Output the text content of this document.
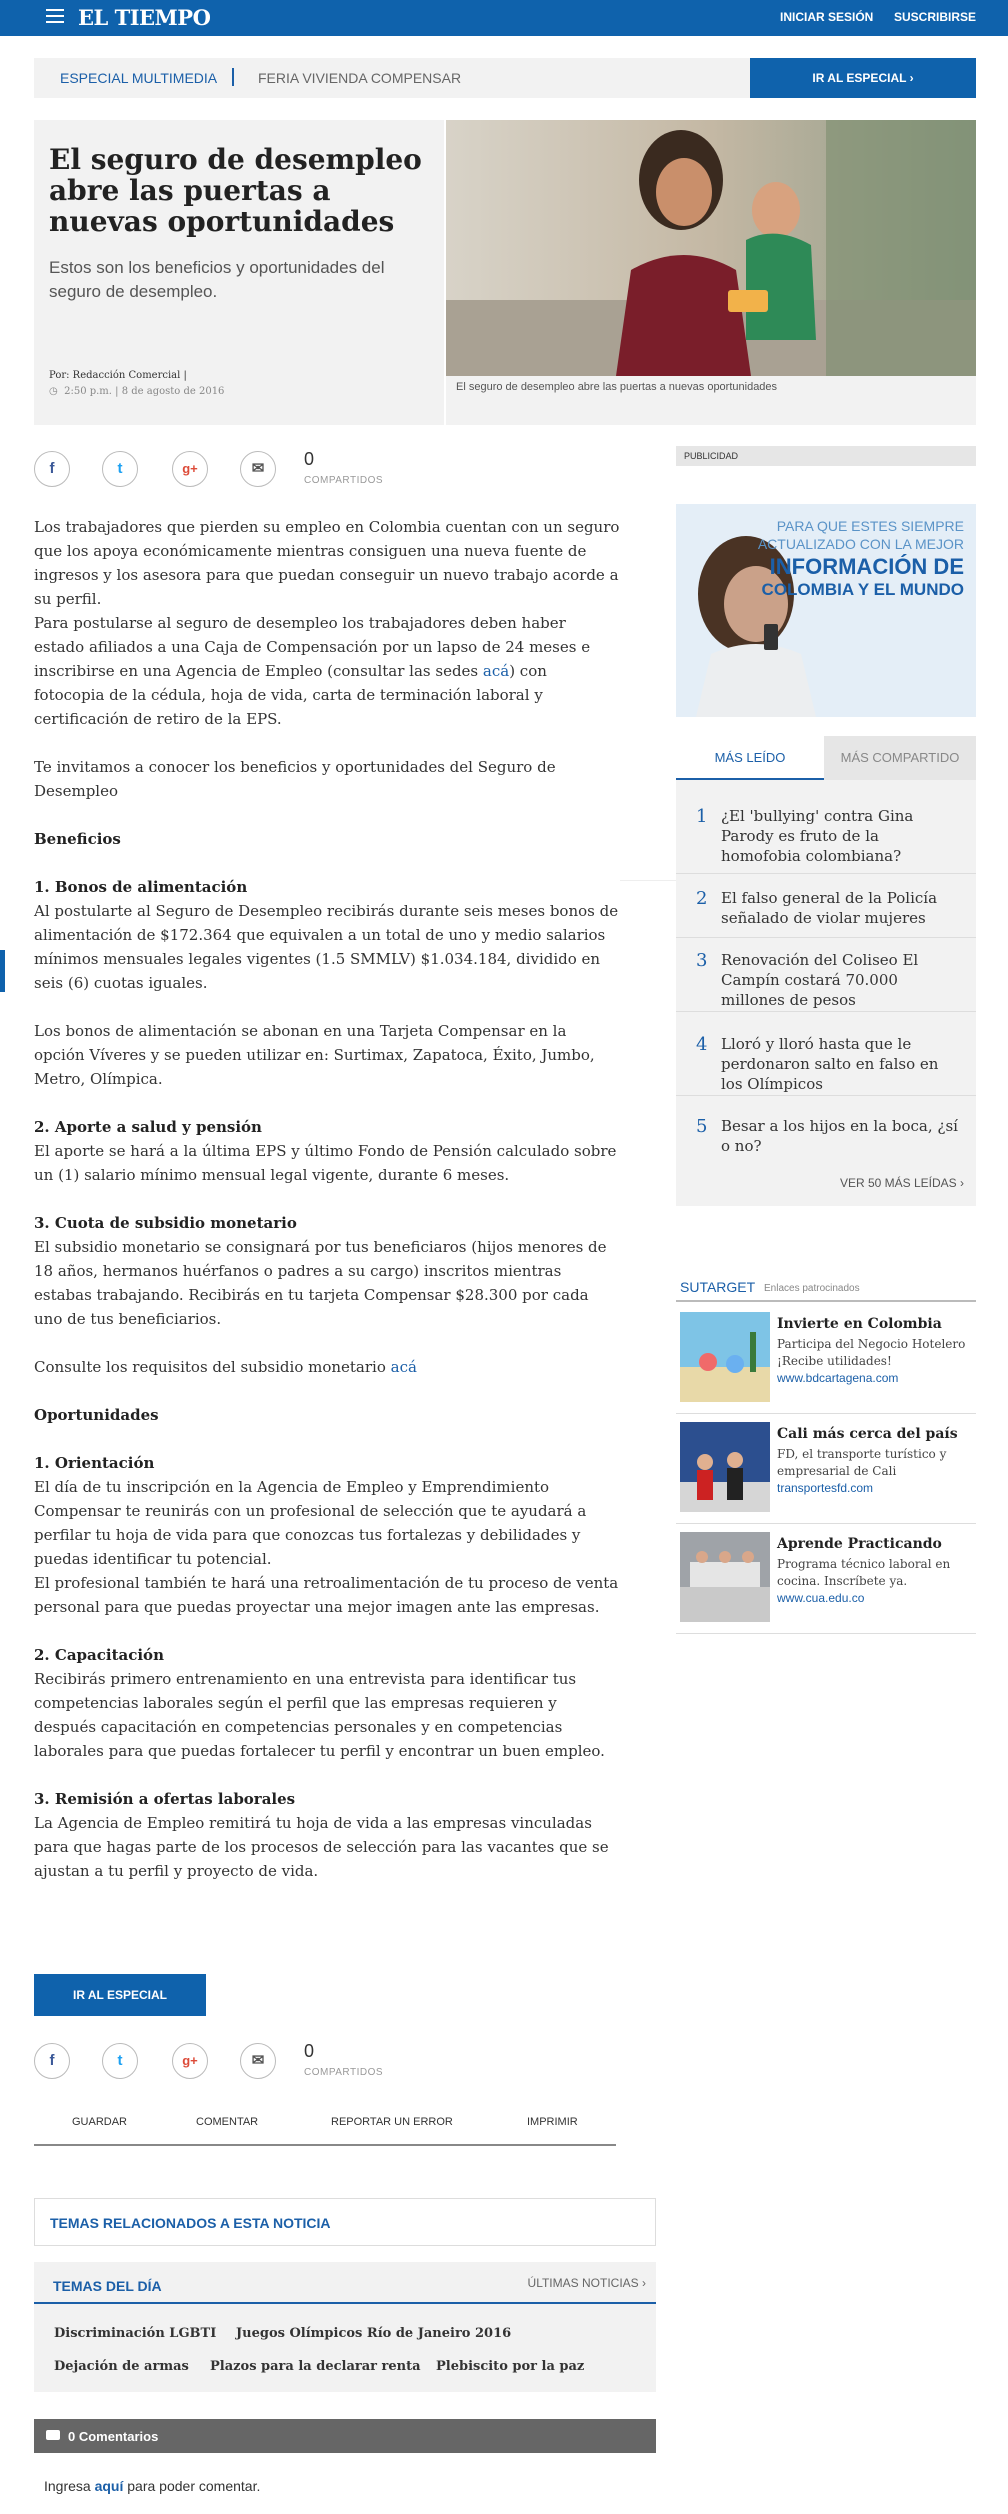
EL TIEMPO	INICIAR SESIÓN SUSCRIBIRSE
ESPECIAL MULTIMEDIA	FERIA VIVIENDA COMPENSAR	IR AL ESPECIAL ›
El seguro de desempleo abre las puertas a nuevas oportunidades

Estos son los beneficios y oportunidades del seguro de desempleo.

Por: Redacción Comercial |
◷ 2:50 p.m. | 8 de agosto de 2016	El seguro de desempleo abre las puertas a nuevas oportunidades
f	t	g+	✉	0
COMPARTIDOS

Los trabajadores que pierden su empleo en Colombia cuentan con un seguro que los apoya económicamente mientras consiguen una nueva fuente de ingresos y los asesora para que puedan conseguir un nuevo trabajo acorde a su perfil.

Para postularse al seguro de desempleo los trabajadores deben haber estado afiliados a una Caja de Compensación por un lapso de 24 meses e inscribirse en una Agencia de Empleo (consultar las sedes acá) con fotocopia de la cédula, hoja de vida, carta de terminación laboral y certificación de retiro de la EPS.

Te invitamos a conocer los beneficios y oportunidades del Seguro de Desempleo

Beneficios

1. Bonos de alimentación

Al postularte al Seguro de Desempleo recibirás durante seis meses bonos de alimentación de $172.364 que equivalen a un total de uno y medio salarios mínimos mensuales legales vigentes (1.5 SMMLV) $1.034.184, dividido en seis (6) cuotas iguales.

Los bonos de alimentación se abonan en una Tarjeta Compensar en la opción Víveres y se pueden utilizar en: Surtimax, Zapatoca, Éxito, Jumbo, Metro, Olímpica.

2. Aporte a salud y pensión

El aporte se hará a la última EPS y último Fondo de Pensión calculado sobre un (1) salario mínimo mensual legal vigente, durante 6 meses.

3. Cuota de subsidio monetario

El subsidio monetario se consignará por tus beneficiaros (hijos menores de 18 años, hermanos huérfanos o padres a su cargo) inscritos mientras estabas trabajando. Recibirás en tu tarjeta Compensar $28.300 por cada uno de tus beneficiarios.

Consulte los requisitos del subsidio monetario acá

Oportunidades

1. Orientación

El día de tu inscripción en la Agencia de Empleo y Emprendimiento Compensar te reunirás con un profesional de selección que te ayudará a perfilar tu hoja de vida para que conozcas tus fortalezas y debilidades y puedas identificar tu potencial.

El profesional también te hará una retroalimentación de tu proceso de venta personal para que puedas proyectar una mejor imagen ante las empresas.

2. Capacitación

Recibirás primero entrenamiento en una entrevista para identificar tus competencias laborales según el perfil que las empresas requieren y después capacitación en competencias personales y en competencias laborales para que puedas fortalecer tu perfil y encontrar un buen empleo.

3. Remisión a ofertas laborales

La Agencia de Empleo remitirá tu hoja de vida a las empresas vinculadas para que hagas parte de los procesos de selección para las vacantes que se ajustan a tu perfil y proyecto de vida.

IR AL ESPECIAL
f	t	g+	✉	0
COMPARTIDOS
GUARDAR	COMENTAR	REPORTAR UN ERROR	IMPRIMIR
TEMAS RELACIONADOS A ESTA NOTICIA
TEMAS DEL DÍA	ÚLTIMAS NOTICIAS ›
Discriminación LGBTI Juegos Olímpicos Río de Janeiro 2016
Dejación de armas Plazos para la declarar renta Plebiscito por la paz
0 Comentarios
Ingresa aquí para poder comentar.
PUBLICIDAD
PARA QUE ESTES SIEMPRE
ACTUALIZADO CON LA MEJOR
INFORMACIÓN DE
COLOMBIA Y EL MUNDO
MÁS LEÍDO	MÁS COMPARTIDO
1 ¿El 'bullying' contra Gina Parody es fruto de la homofobia colombiana?
2 El falso general de la Policía señalado de violar mujeres
3 Renovación del Coliseo El Campín costará 70.000 millones de pesos
4 Lloró y lloró hasta que le perdonaron salto en falso en los Olímpicos
5 Besar a los hijos en la boca, ¿sí o no?
VER 50 MÁS LEÍDAS ›
SUTARGET Enlaces patrocinados
Invierte en Colombia
Participa del Negocio Hotelero ¡Recibe utilidades!
www.bdcartagena.com
Cali más cerca del país
FD, el transporte turístico y empresarial de Cali
transportesfd.com
Aprende Practicando
Programa técnico laboral en cocina. Inscríbete ya.
www.cua.edu.co
